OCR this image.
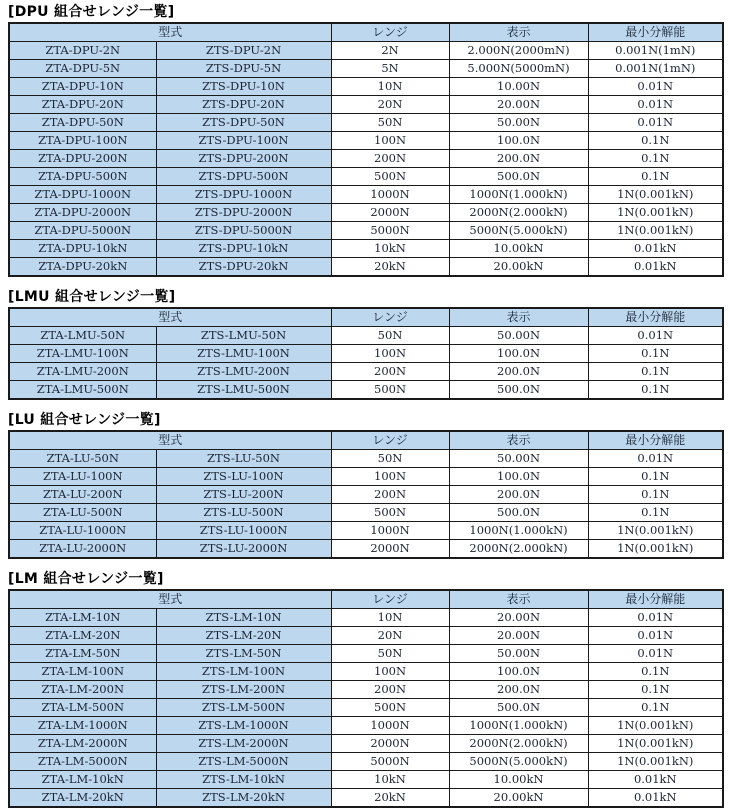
[DPU 組合せレンジ一覧]
型式		レンジ	表示	最小分解能
ZTA-DPU-2N	ZTS-DPU-2N	2N	2.000N(2000mN)	0.001N(1mN)
ZTA-DPU-5N	ZTS-DPU-5N	5N	5.000N(5000mN)	0.001N(1mN)
ZTA-DPU-10N	ZTS-DPU-10N	10N	10.00N	0.01N
ZTA-DPU-20N	ZTS-DPU-20N	20N	20.00N	0.01N
ZTA-DPU-50N	ZTS-DPU-50N	50N	50.00N	0.01N
ZTA-DPU-100N	ZTS-DPU-100N	100N	100.0N	0.1N
ZTA-DPU-200N	ZTS-DPU-200N	200N	200.0N	0.1N
ZTA-DPU-500N	ZTS-DPU-500N	500N	500.0N	0.1N
ZTA-DPU-1000N	ZTS-DPU-1000N	1000N	1000N(1.000kN)	1N(0.001kN)
ZTA-DPU-2000N	ZTS-DPU-2000N	2000N	2000N(2.000kN)	1N(0.001kN)
ZTA-DPU-5000N	ZTS-DPU-5000N	5000N	5000N(5.000kN)	1N(0.001kN)
ZTA-DPU-10kN	ZTS-DPU-10kN	10kN	10.00kN	0.01kN
ZTA-DPU-20kN	ZTS-DPU-20kN	20kN	20.00kN	0.01kN
[LMU 組合せレンジ一覧]
型式		レンジ	表示	最小分解能
ZTA-LMU-50N	ZTS-LMU-50N	50N	50.00N	0.01N
ZTA-LMU-100N	ZTS-LMU-100N	100N	100.0N	0.1N
ZTA-LMU-200N	ZTS-LMU-200N	200N	200.0N	0.1N
ZTA-LMU-500N	ZTS-LMU-500N	500N	500.0N	0.1N
[LU 組合せレンジ一覧]
型式		レンジ	表示	最小分解能
ZTA-LU-50N	ZTS-LU-50N	50N	50.00N	0.01N
ZTA-LU-100N	ZTS-LU-100N	100N	100.0N	0.1N
ZTA-LU-200N	ZTS-LU-200N	200N	200.0N	0.1N
ZTA-LU-500N	ZTS-LU-500N	500N	500.0N	0.1N
ZTA-LU-1000N	ZTS-LU-1000N	1000N	1000N(1.000kN)	1N(0.001kN)
ZTA-LU-2000N	ZTS-LU-2000N	2000N	2000N(2.000kN)	1N(0.001kN)
[LM 組合せレンジ一覧]
型式		レンジ	表示	最小分解能
ZTA-LM-10N	ZTS-LM-10N	10N	20.00N	0.01N
ZTA-LM-20N	ZTS-LM-20N	20N	20.00N	0.01N
ZTA-LM-50N	ZTS-LM-50N	50N	50.00N	0.01N
ZTA-LM-100N	ZTS-LM-100N	100N	100.0N	0.1N
ZTA-LM-200N	ZTS-LM-200N	200N	200.0N	0.1N
ZTA-LM-500N	ZTS-LM-500N	500N	500.0N	0.1N
ZTA-LM-1000N	ZTS-LM-1000N	1000N	1000N(1.000kN)	1N(0.001kN)
ZTA-LM-2000N	ZTS-LM-2000N	2000N	2000N(2.000kN)	1N(0.001kN)
ZTA-LM-5000N	ZTS-LM-5000N	5000N	5000N(5.000kN)	1N(0.001kN)
ZTA-LM-10kN	ZTS-LM-10kN	10kN	10.00kN	0.01kN
ZTA-LM-20kN	ZTS-LM-20kN	20kN	20.00kN	0.01kN
